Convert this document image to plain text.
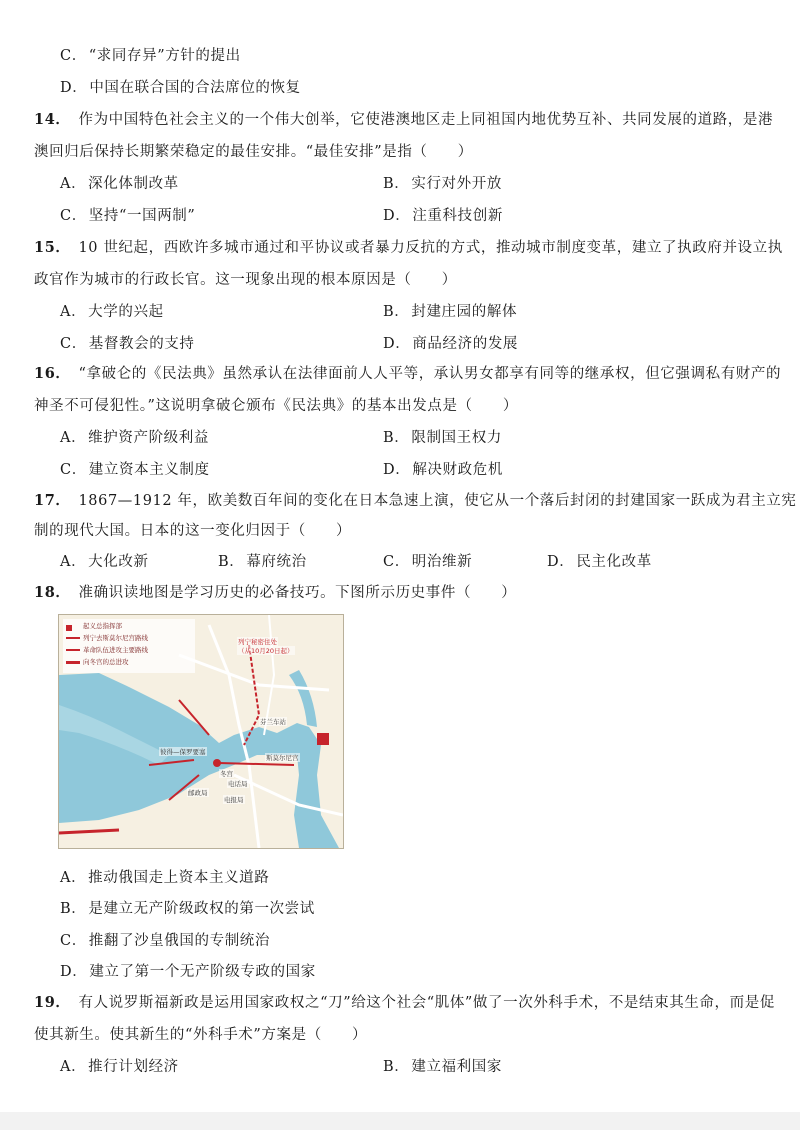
C． “求同存异”方针的提出
D． 中国在联合国的合法席位的恢复
14． 作为中国特色社会主义的一个伟大创举，它使港澳地区走上同祖国内地优势互补、共同发展的道路，是港
澳回归后保持长期繁荣稳定的最佳安排。“最佳安排”是指（　　）
A． 深化体制改革	B． 实行对外开放
C． 坚持“一国两制”	D． 注重科技创新
15． 10 世纪起，西欧许多城市通过和平协议或者暴力反抗的方式，推动城市制度变革，建立了执政府并设立执
政官作为城市的行政长官。这一现象出现的根本原因是（　　）
A． 大学的兴起	B． 封建庄园的解体
C． 基督教会的支持	D． 商品经济的发展
16． “拿破仑的《民法典》虽然承认在法律面前人人平等，承认男女都享有同等的继承权，但它强调私有财产的
神圣不可侵犯性。”这说明拿破仑颁布《民法典》的基本出发点是（　　）
A． 维护资产阶级利益	B． 限制国王权力
C． 建立资本主义制度	D． 解决财政危机
17． 1867—1912 年，欧美数百年间的变化在日本急速上演，使它从一个落后封闭的封建国家一跃成为君主立宪
制的现代大国。日本的这一变化归因于（　　）
A． 大化改新	B． 幕府统治	C． 明治维新	D． 民主化改革
18． 准确识读地图是学习历史的必备技巧。下图所示历史事件（　　）
起义总指挥部
列宁去斯莫尔尼宫路线
革命队伍进攻主要路线
向冬宫的总进攻
列宁秘密住处
（从10月20日起）
芬兰车站
彼得—保罗要塞
斯莫尔尼宫
冬宫
电话局
邮政局
电报局
A． 推动俄国走上资本主义道路
B． 是建立无产阶级政权的第一次尝试
C． 推翻了沙皇俄国的专制统治
D． 建立了第一个无产阶级专政的国家
19． 有人说罗斯福新政是运用国家政权之“刀”给这个社会“肌体”做了一次外科手术，不是结束其生命，而是促
使其新生。使其新生的“外科手术”方案是（　　）
A． 推行计划经济	B． 建立福利国家
